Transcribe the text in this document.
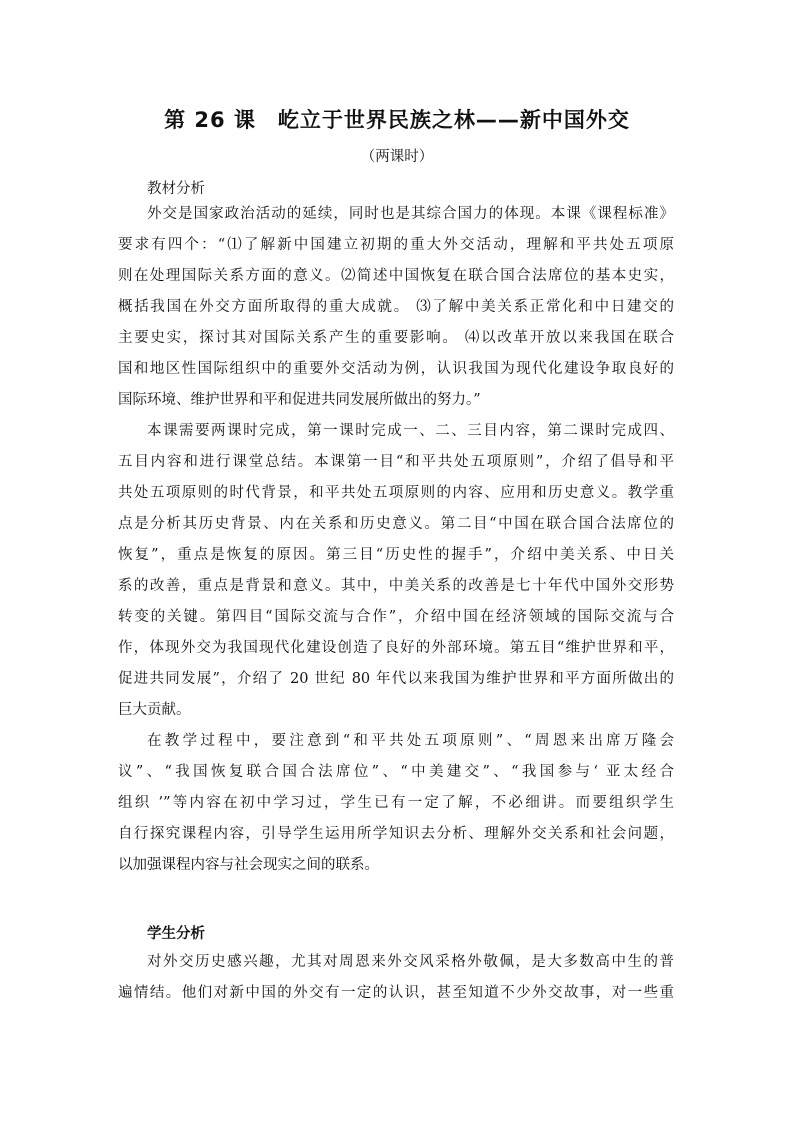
第 26 课　屹立于世界民族之林——新中国外交
（两课时）
教材分析
外交是国家政治活动的延续，同时也是其综合国力的体现。本课《课程标准》
要求有四个：“⑴了解新中国建立初期的重大外交活动，理解和平共处五项原
则在处理国际关系方面的意义。⑵简述中国恢复在联合国合法席位的基本史实，
概括我国在外交方面所取得的重大成就。 ⑶了解中美关系正常化和中日建交的
主要史实，探讨其对国际关系产生的重要影响。 ⑷以改革开放以来我国在联合
国和地区性国际组织中的重要外交活动为例，认识我国为现代化建设争取良好的
国际环境、维护世界和平和促进共同发展所做出的努力。”
本课需要两课时完成，第一课时完成一、二、三目内容，第二课时完成四、
五目内容和进行课堂总结。本课第一目“和平共处五项原则”，介绍了倡导和平
共处五项原则的时代背景，和平共处五项原则的内容、应用和历史意义。教学重
点是分析其历史背景、内在关系和历史意义。第二目“中国在联合国合法席位的
恢复”，重点是恢复的原因。第三目“历史性的握手”，介绍中美关系、中日关
系的改善，重点是背景和意义。其中，中美关系的改善是七十年代中国外交形势
转变的关键。第四目“国际交流与合作”，介绍中国在经济领域的国际交流与合
作，体现外交为我国现代化建设创造了良好的外部环境。第五目“维护世界和平，
促进共同发展”，介绍了 20 世纪 80 年代以来我国为维护世界和平方面所做出的
巨大贡献。
在教学过程中，要注意到“和平共处五项原则”、“周恩来出席万隆会
议”、“我国恢复联合国合法席位”、“中美建交”、“我国参与‘ 亚太经合
组织 ’”等内容在初中学习过，学生已有一定了解，不必细讲。而要组织学生
自行探究课程内容，引导学生运用所学知识去分析、理解外交关系和社会问题，
以加强课程内容与社会现实之间的联系。
学生分析
对外交历史感兴趣，尤其对周恩来外交风采格外敬佩，是大多数高中生的普
遍情结。他们对新中国的外交有一定的认识，甚至知道不少外交故事，对一些重
